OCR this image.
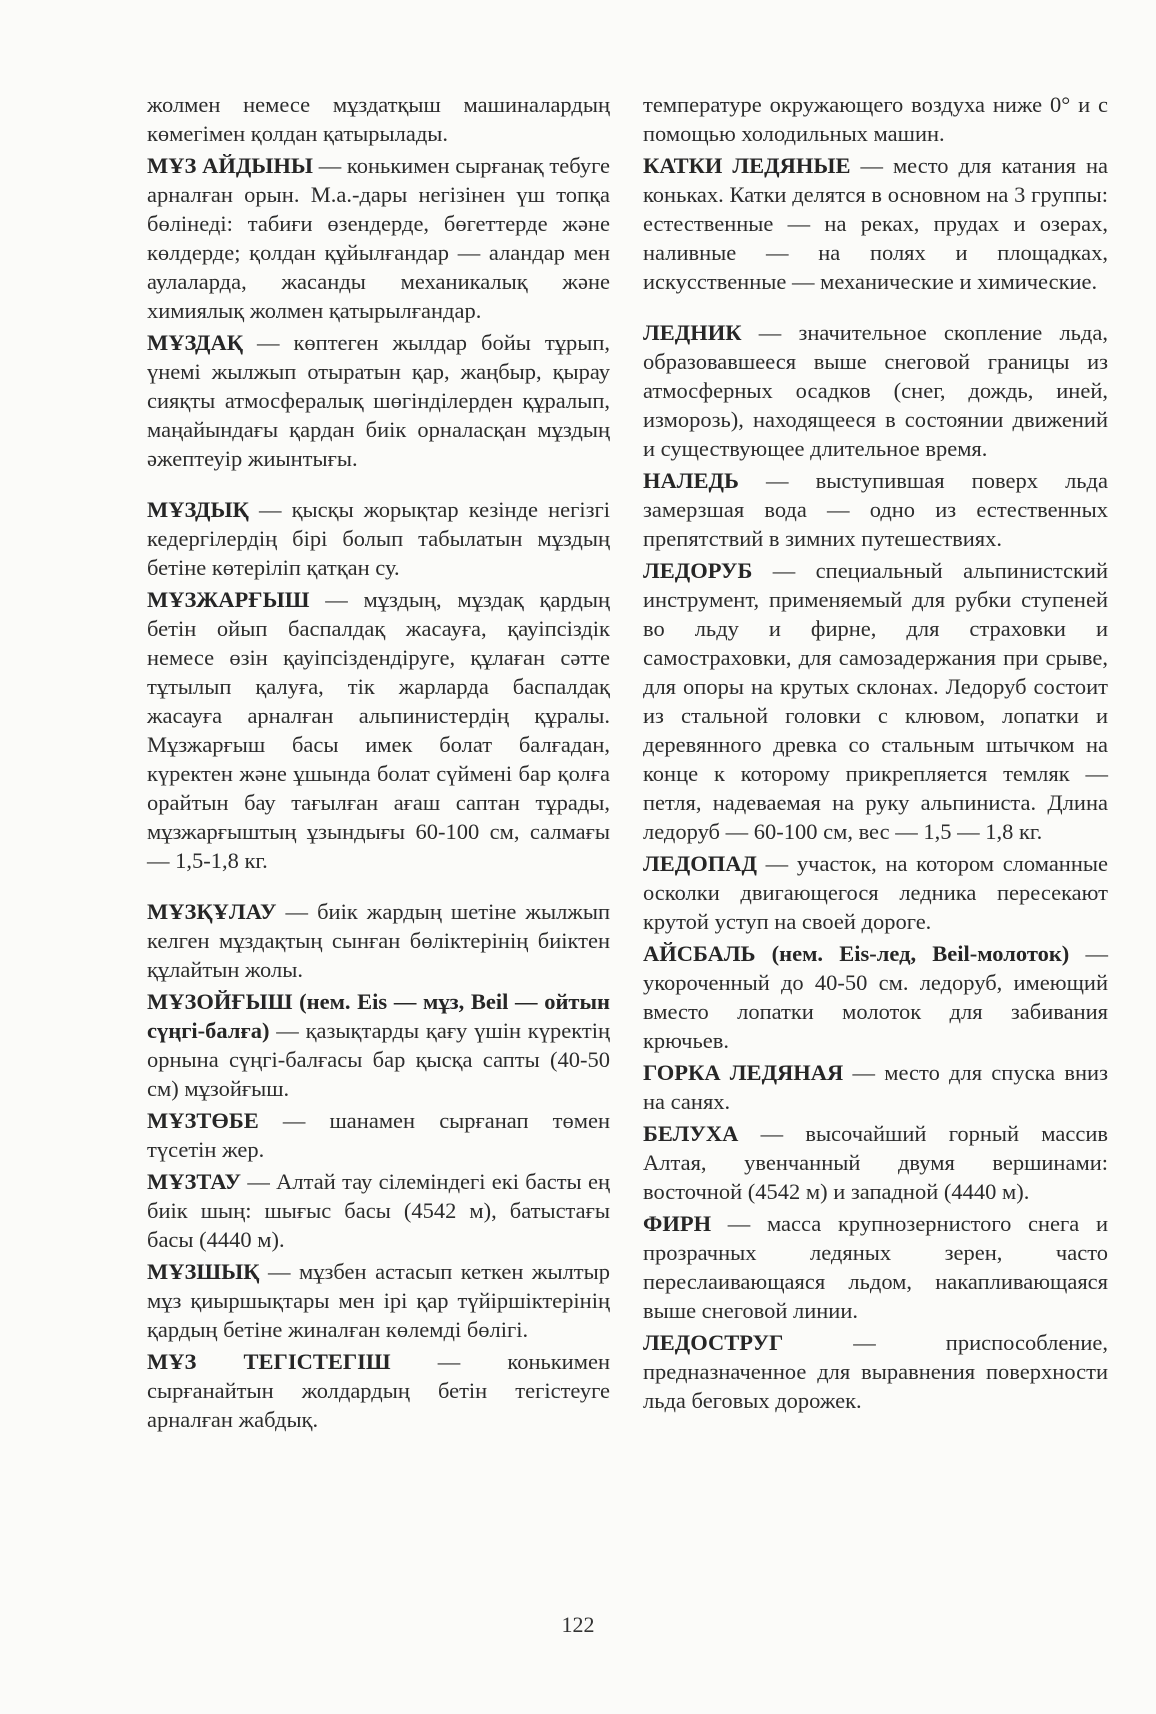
жолмен немесе мұздатқыш машиналардың көмегімен қолдан қатырылады.

МҰЗ АЙДЫНЫ — конькимен сырғанақ тебуге арналған орын. М.а.-дары негізінен үш топқа бөлінеді: табиғи өзендерде, бөгеттерде және көлдерде; қолдан құйылғандар — аландар мен аулаларда, жасанды механикалық және химиялық жолмен қатырылғандар.

МҰЗДАҚ — көптеген жылдар бойы тұрып, үнемі жылжып отыратын қар, жаңбыр, қырау сияқты атмосфералық шөгінділерден құралып, маңайындағы қардан биік орналасқан мұздың әжептеуір жиынтығы.

МҰЗДЫҚ — қысқы жорықтар кезінде негізгі кедергілердің бірі болып табылатын мұздың бетіне көтеріліп қатқан су.

МҰЗЖАРҒЫШ — мұздың, мұздақ қардың бетін ойып баспалдақ жасауға, қауіпсіздік немесе өзін қауіпсіздендіруге, құлаған сәтте тұтылып қалуға, тік жарларда баспалдақ жасауға арналған альпинистердің құралы. Мұзжарғыш басы имек болат балғадан, күректен және ұшында болат сүйменi бар қолға орайтын бау тағылған ағаш саптан тұрады, мұзжарғыштың ұзындығы 60-100 см, салмағы — 1,5-1,8 кг.

МҰЗҚҰЛАУ — биік жардың шетіне жылжып келген мұздақтың сынған бөліктерінің биіктен құлайтын жолы.

МҰЗОЙҒЫШ (нем. Eis — мұз, Beil — ойтын сүңгі-балға) — қазықтарды қағу үшін күректің орнына сүңгі-балғасы бар қысқа сапты (40-50 см) мұзойғыш.

МҰЗТӨБЕ — шанамен сырғанап төмен түсетін жер.

МҰЗТАУ — Алтай тау сілеміндегі екі басты ең биік шың: шығыс басы (4542 м), батыстағы басы (4440 м).

МҰЗШЫҚ — мұзбен астасып кеткен жылтыр мұз қиыршықтары мен ірі қар түйіршіктерінің қардың бетіне жиналған көлемді бөлігі.

МҰЗ ТЕГІСТЕГІШ — конькимен сырғанайтын жолдардың бетін тегістеуге арналған жабдық.

температуре окружающего воздуха ниже 0° и с помощью холодильных машин.

КАТКИ ЛЕДЯНЫЕ — место для катания на коньках. Катки делятся в основном на 3 группы: естественные — на реках, прудах и озерах, наливные — на полях и площадках, искусственные — механические и химические.

ЛЕДНИК — значительное скопление льда, образовавшееся выше снеговой границы из атмосферных осадков (снег, дождь, иней, изморозь), находящееся в состоянии движений и существующее длительное время.

НАЛЕДЬ — выступившая поверх льда замерзшая вода — одно из естественных препятствий в зимних путешествиях.

ЛЕДОРУБ — специальный альпинистский инструмент, применяемый для рубки ступеней во льду и фирне, для страховки и самостраховки, для самозадержания при срыве, для опоры на крутых склонах. Ледоруб состоит из стальной головки с клювом, лопатки и деревянного древка со стальным штычком на конце к которому прикрепляется темляк — петля, надеваемая на руку альпиниста. Длина ледоруб — 60-100 см, вес — 1,5 — 1,8 кг.

ЛЕДОПАД — участок, на котором сломанные осколки двигающегося ледника пересекают крутой уступ на своей дороге.

АЙСБАЛЬ (нем. Eis-лед, Beil-молоток) — укороченный до 40-50 см. ледоруб, имеющий вместо лопатки молоток для забивания крючьев.

ГОРКА ЛЕДЯНАЯ — место для спуска вниз на санях.

БЕЛУХА — высочайший горный массив Алтая, увенчанный двумя вершинами: восточной (4542 м) и западной (4440 м).

ФИРН — масса крупнозернистого снега и прозрачных ледяных зерен, часто переслаивающаяся льдом, накапливающаяся выше снеговой линии.

ЛЕДОСТРУГ — приспособление, предназначенное для выравнения поверхности льда беговых дорожек.

122
